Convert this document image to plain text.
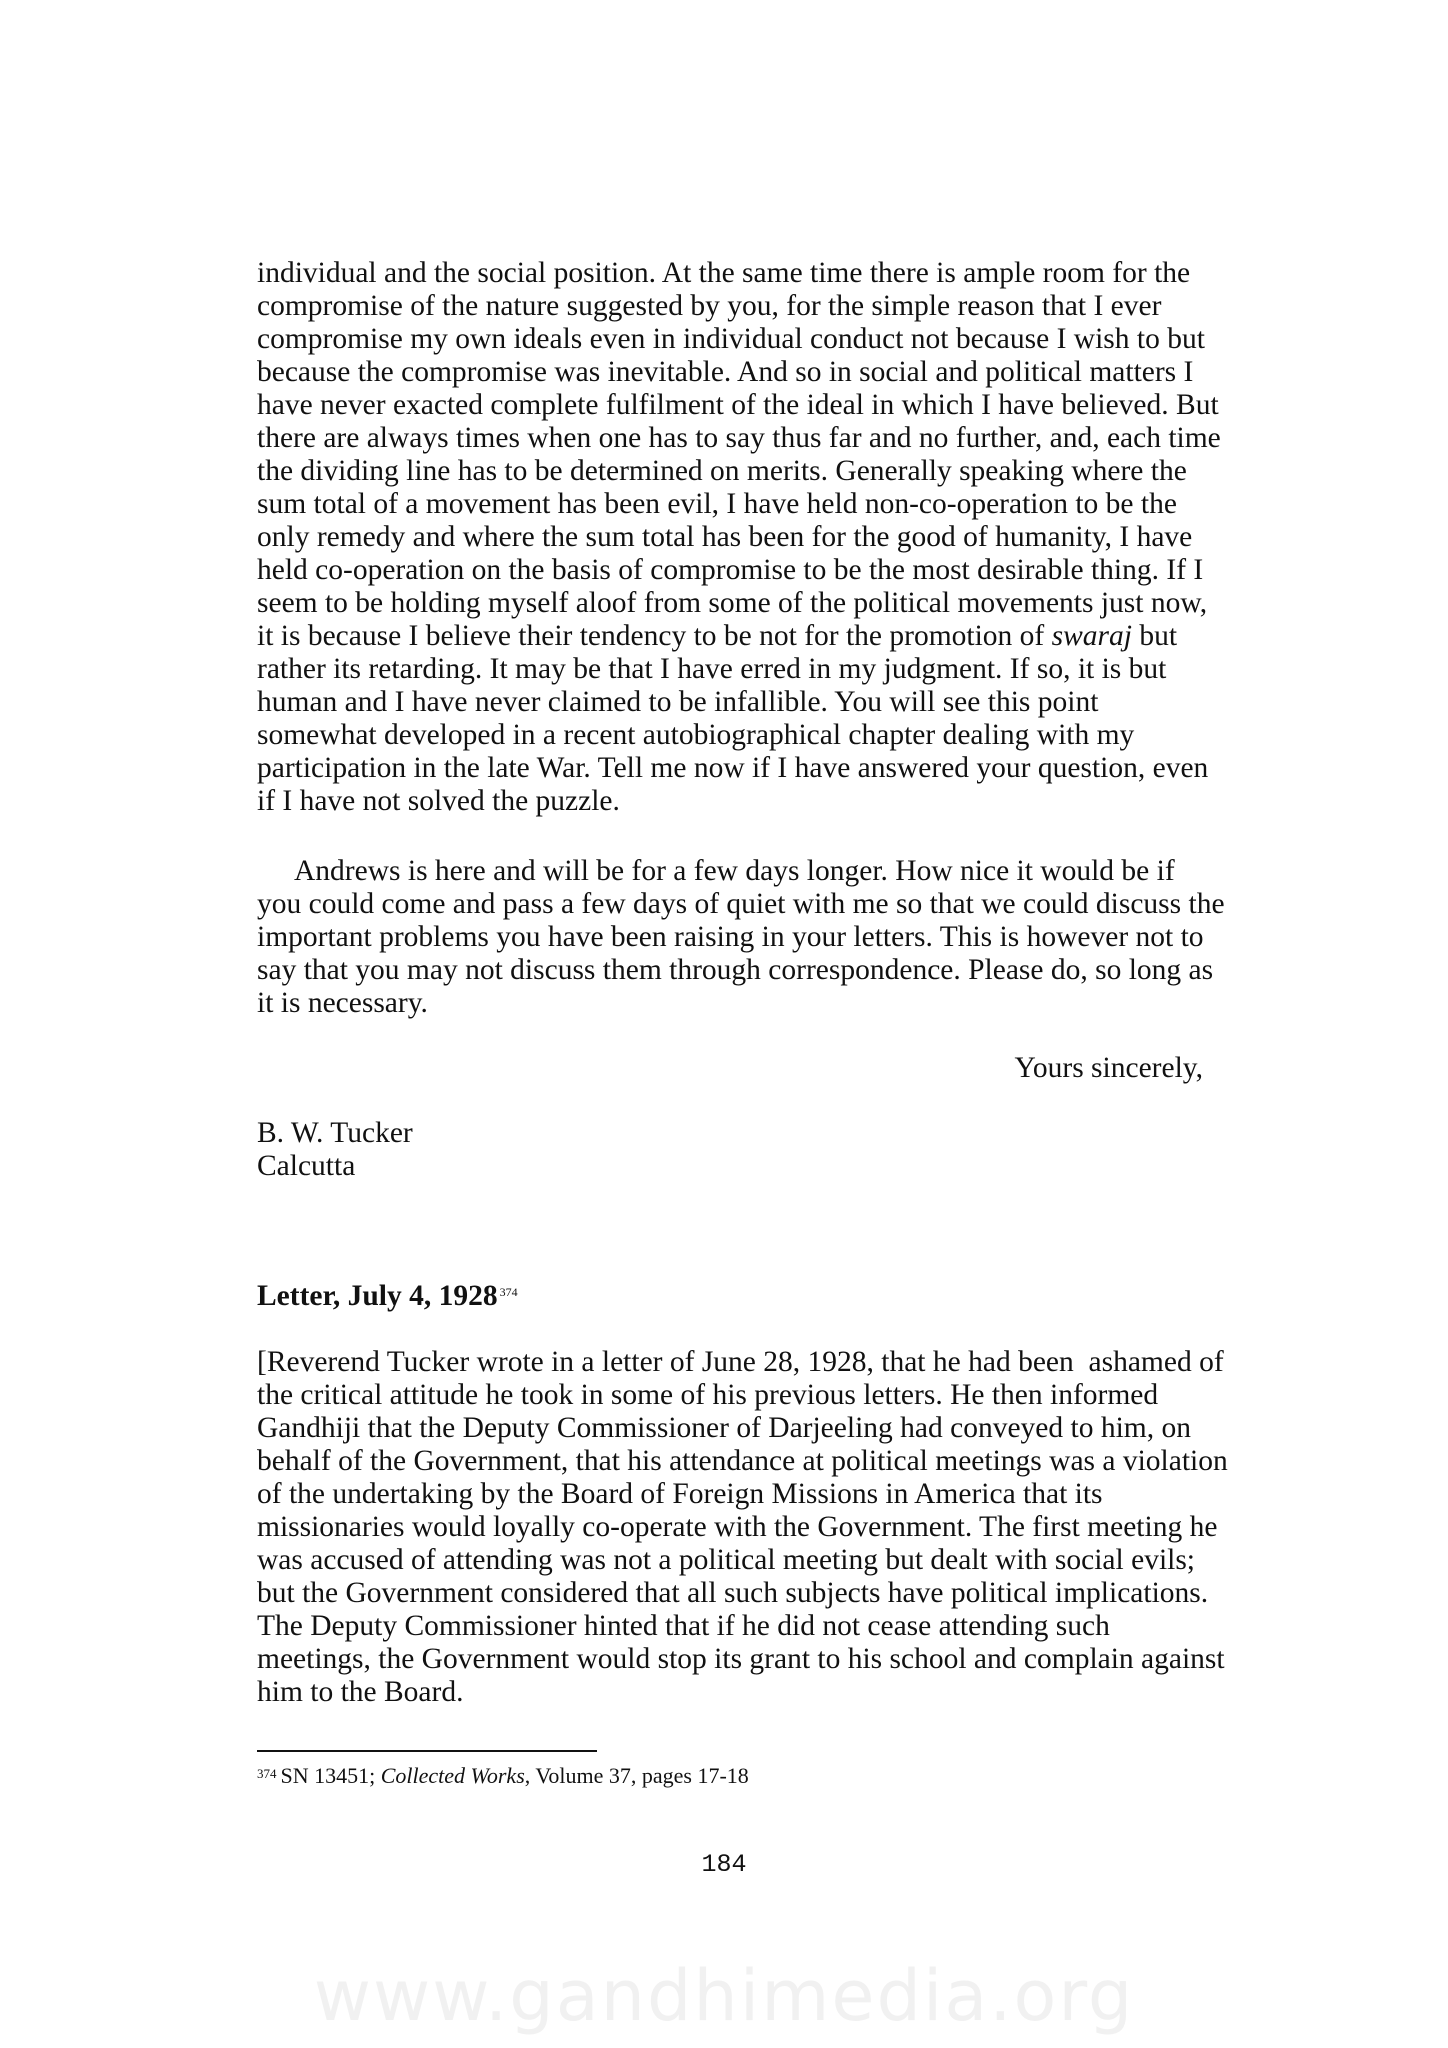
individual and the social position. At the same time there is ample room for the
compromise of the nature suggested by you, for the simple reason that I ever
compromise my own ideals even in individual conduct not because I wish to but
because the compromise was inevitable. And so in social and political matters I
have never exacted complete fulfilment of the ideal in which I have believed. But
there are always times when one has to say thus far and no further, and, each time
the dividing line has to be determined on merits. Generally speaking where the
sum total of a movement has been evil, I have held non-co-operation to be the
only remedy and where the sum total has been for the good of humanity, I have
held co-operation on the basis of compromise to be the most desirable thing. If I
seem to be holding myself aloof from some of the political movements just now,
it is because I believe their tendency to be not for the promotion of swaraj but
rather its retarding. It may be that I have erred in my judgment. If so, it is but
human and I have never claimed to be infallible. You will see this point
somewhat developed in a recent autobiographical chapter dealing with my
participation in the late War. Tell me now if I have answered your question, even
if I have not solved the puzzle.
Andrews is here and will be for a few days longer. How nice it would be if
you could come and pass a few days of quiet with me so that we could discuss the
important problems you have been raising in your letters. This is however not to
say that you may not discuss them through correspondence. Please do, so long as
it is necessary.
Yours sincerely,
B. W. Tucker
Calcutta
Letter, July 4, 1928 $^{374}$
[Reverend Tucker wrote in a letter of June 28, 1928, that he had been  ashamed of
the critical attitude he took in some of his previous letters. He then informed
Gandhiji that the Deputy Commissioner of Darjeeling had conveyed to him, on
behalf of the Government, that his attendance at political meetings was a violation
of the undertaking by the Board of Foreign Missions in America that its
missionaries would loyally co-operate with the Government. The first meeting he
was accused of attending was not a political meeting but dealt with social evils;
but the Government considered that all such subjects have political implications.
The Deputy Commissioner hinted that if he did not cease attending such
meetings, the Government would stop its grant to his school and complain against
him to the Board.
$^{374}$ SN 13451; Collected Works, Volume 37, pages 17-18
184
www.gandhimedia.org
